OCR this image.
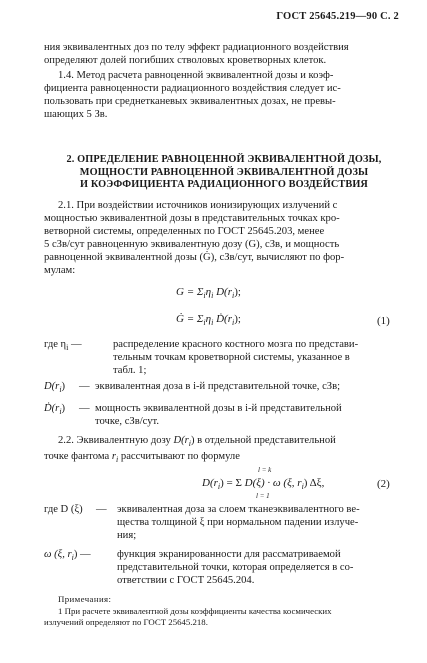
ГОСТ 25645.219—90 С. 2
ния эквивалентных доз по телу эффект радиационного воздействия
определяют долей погибших стволовых кроветворных клеток.
1.4. Метод расчета равноценной эквивалентной дозы и коэф-
фициента равноценности радиационного воздействия следует ис-
пользовать при среднетканевых эквивалентных дозах, не превы-
шающих 5 Зв.
2. ОПРЕДЕЛЕНИЕ РАВНОЦЕННОЙ ЭКВИВАЛЕНТНОЙ ДОЗЫ,
МОЩНОСТИ РАВНОЦЕННОЙ ЭКВИВАЛЕНТНОЙ ДОЗЫ
И КОЭФФИЦИЕНТА РАДИАЦИОННОГО ВОЗДЕЙСТВИЯ
2.1. При воздействии источников ионизирующих излучений с
мощностью эквивалентной дозы в представительных точках кро-
ветворной системы, определенных по ГОСТ 25645.203, менее
5 сЗв/сут равноценную эквивалентную дозу (G), сЗв, и мощность
равноценной эквивалентной дозы (Ġ), сЗв/сут, вычисляют по фор-
мулам:
$G = \Sigma_i\eta_i$ $D(r_i)$;
Ġ = $\Sigma_i\eta_i$ $Ḋ(r_i)$;	(1)
где $\eta_i$ —	распределение красного костного мозга по представи-
тельным точкам кроветворной системы, указанное в
табл. 1;
$D(r_i)$ — эквивалентная доза в i-й представительной точке, сЗв;
$Ḋ(r_i)$ — мощность эквивалентной дозы в i-й представительной
точке, сЗв/сут.
2.2. Эквивалентную дозу $D(r_i)$ в отдельной представительной
точке фантома $r_i$ рассчитывают по формуле
l = k
l = 1
$D(r_i) = \Sigma$ D(ξ) · ω (ξ, $r_i$) Δξ,	(2)
где D (ξ) — эквивалентная доза за слоем тканеэквивалентного ве-
щества толщиной ξ при нормальном падении излуче-
ния;
ω (ξ, $r_i$) — функция экранированности для рассматриваемой
представительной точки, которая определяется в со-
ответствии с ГОСТ 25645.204.
Примечания:
1 При расчете эквивалентной дозы коэффициенты качества космических
излучений определяют по ГОСТ 25645.218.
